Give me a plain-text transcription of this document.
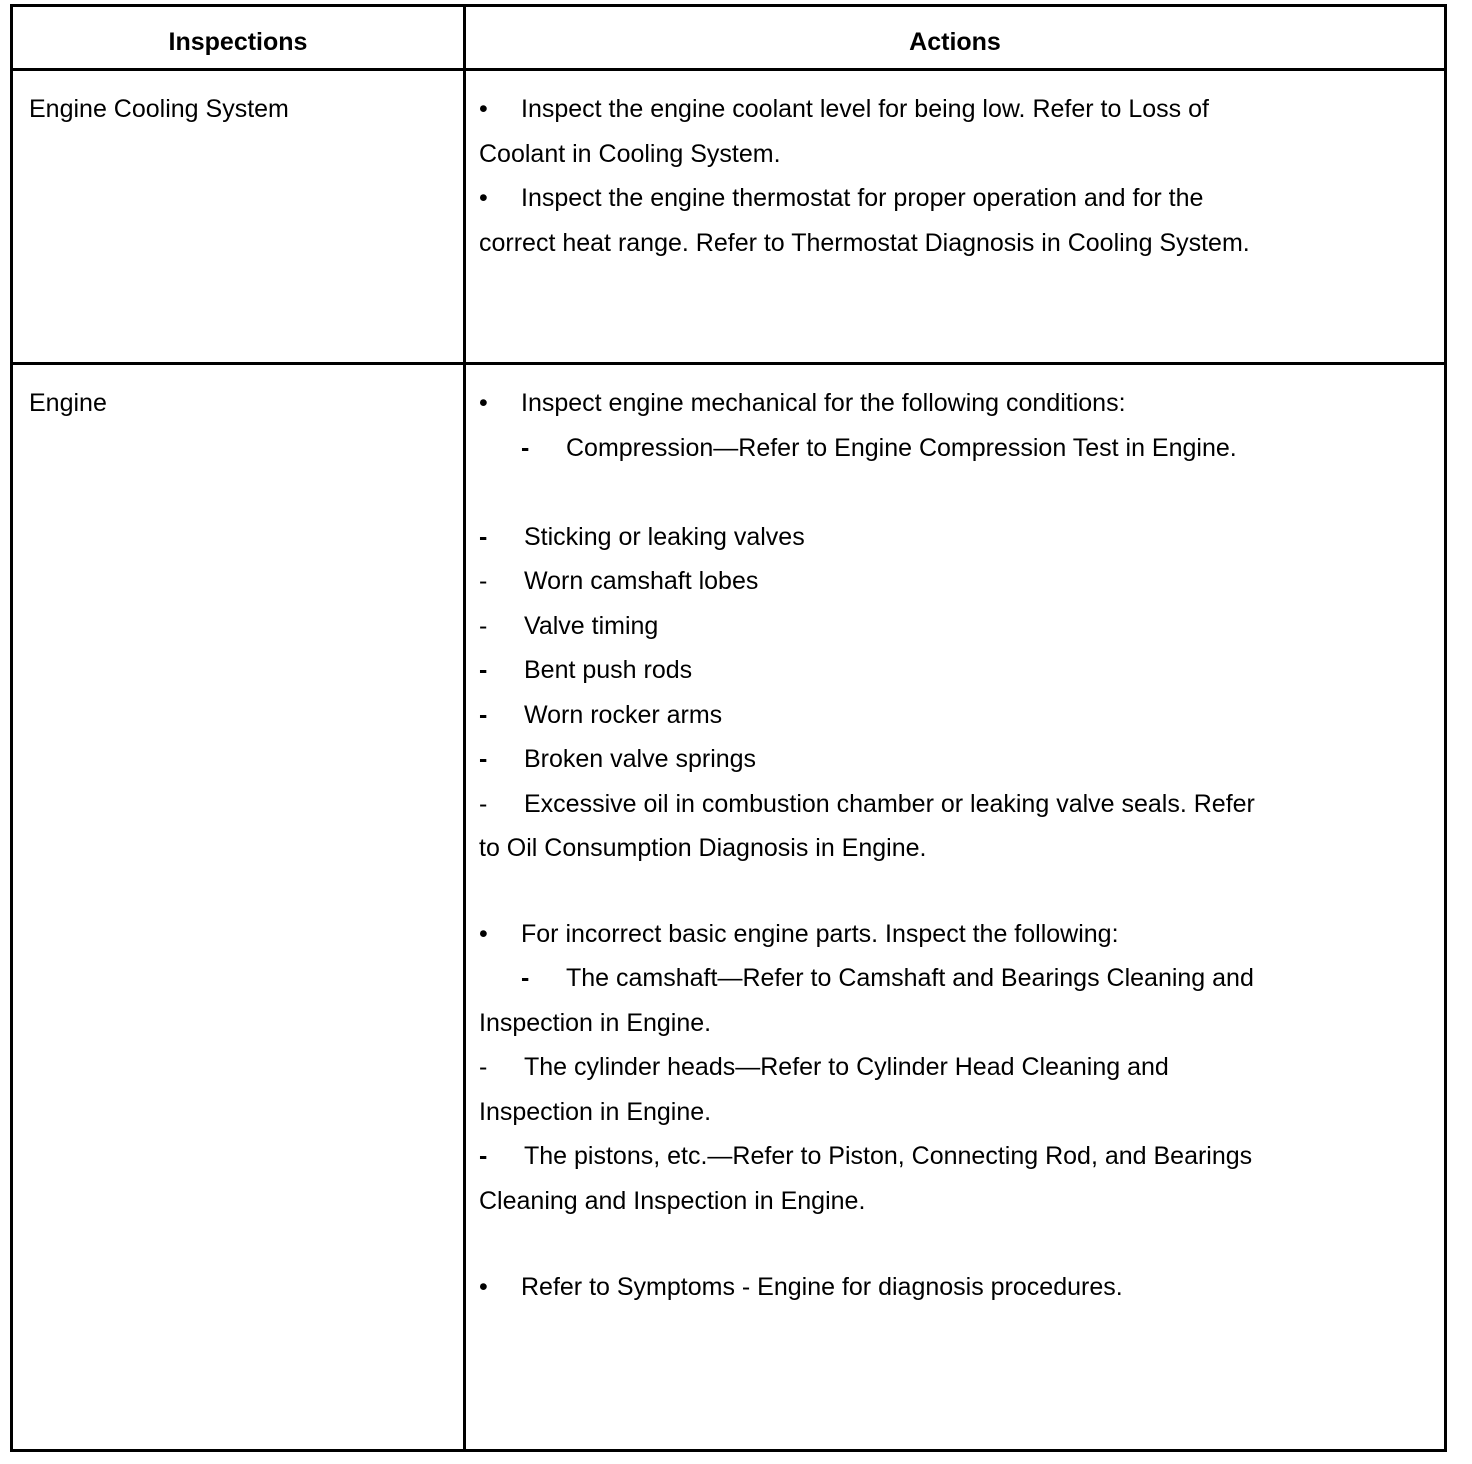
Inspections	Actions
Engine Cooling System	• Inspect the engine coolant level for being low. Refer to Loss of
Coolant in Cooling System.
• Inspect the engine thermostat for proper operation and for the
correct heat range. Refer to Thermostat Diagnosis in Cooling System.
Engine	• Inspect engine mechanical for the following conditions:
- Compression—Refer to Engine Compression Test in Engine.
- Sticking or leaking valves
- Worn camshaft lobes
- Valve timing
- Bent push rods
- Worn rocker arms
- Broken valve springs
- Excessive oil in combustion chamber or leaking valve seals. Refer
to Oil Consumption Diagnosis in Engine.
• For incorrect basic engine parts. Inspect the following:
- The camshaft—Refer to Camshaft and Bearings Cleaning and
Inspection in Engine.
- The cylinder heads—Refer to Cylinder Head Cleaning and
Inspection in Engine.
- The pistons, etc.—Refer to Piston, Connecting Rod, and Bearings
Cleaning and Inspection in Engine.
• Refer to Symptoms - Engine for diagnosis procedures.
